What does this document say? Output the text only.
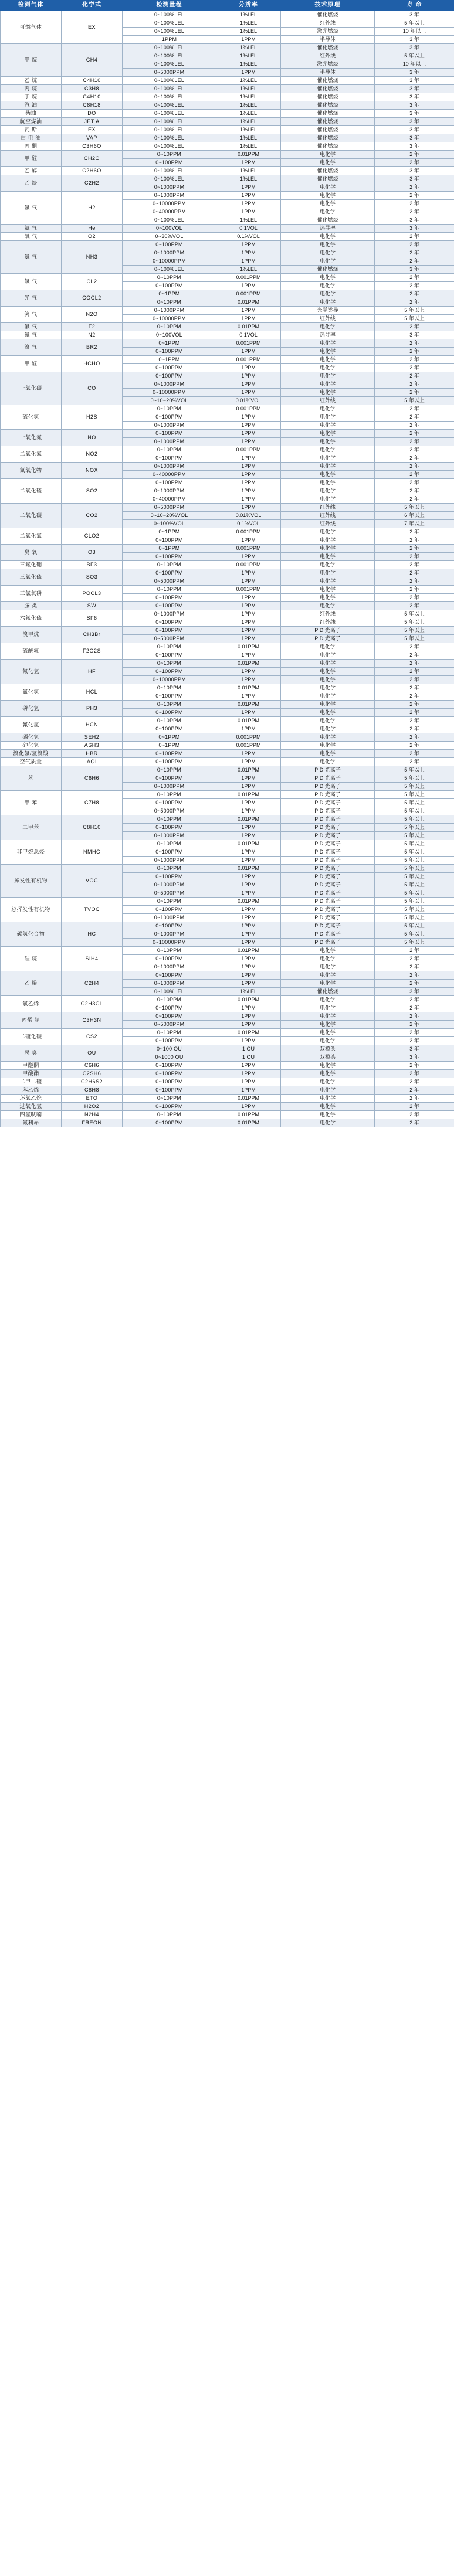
检测气体	化学式	检测量程	分辨率	技术原理	寿 命
可燃气体	EX	0~100%LEL	1%LEL	催化燃烧	3 年
		0~100%LEL	1%LEL	红外线	5 年以上
		0~100%LEL	1%LEL	激光燃烧	10 年以上
		1PPM	1PPM	半导体	3 年
甲 烷	CH4	0~100%LEL	1%LEL	催化燃烧	3 年
		0~100%LEL	1%LEL	红外线	5 年以上
		0~100%LEL	1%LEL	激光燃烧	10 年以上
		0~5000PPM	1PPM	半导体	3 年
乙 烷	C4H10	0~100%LEL	1%LEL	催化燃烧	3 年
丙 烷	C3H8	0~100%LEL	1%LEL	催化燃烧	3 年
丁 烷	C4H10	0~100%LEL	1%LEL	催化燃烧	3 年
汽 油	C8H18	0~100%LEL	1%LEL	催化燃烧	3 年
柴油	DO	0~100%LEL	1%LEL	催化燃烧	3 年
航空煤油	JET A	0~100%LEL	1%LEL	催化燃烧	3 年
瓦 斯	EX	0~100%LEL	1%LEL	催化燃烧	3 年
白 电 油	VAP	0~100%LEL	1%LEL	催化燃烧	3 年
丙 酮	C3H6O	0~100%LEL	1%LEL	催化燃烧	3 年
甲 醛	CH2O	0~10PPM	0.01PPM	电化学	2 年
		0~100PPM	1PPM	电化学	2 年
乙 醇	C2H6O	0~100%LEL	1%LEL	催化燃烧	3 年
乙 炔	C2H2	0~100%LEL	1%LEL	催化燃烧	3 年
		0~1000PPM	1PPM	电化学	2 年
氢 气	H2	0~1000PPM	1PPM	电化学	2 年
		0~10000PPM	1PPM	电化学	2 年
		0~40000PPM	1PPM	电化学	2 年
		0~100%LEL	1%LEL	催化燃烧	3 年
氦 气	He	0~100VOL	0.1VOL	热导率	3 年
氧 气	O2	0~30%VOL	0.1%VOL	电化学	2 年
氨 气	NH3	0~100PPM	1PPM	电化学	2 年
		0~1000PPM	1PPM	电化学	2 年
		0~10000PPM	1PPM	电化学	2 年
		0~100%LEL	1%LEL	催化燃烧	3 年
氯 气	CL2	0~10PPM	0.001PPM	电化学	2 年
		0~100PPM	1PPM	电化学	2 年
光 气	COCL2	0~1PPM	0.001PPM	电化学	2 年
		0~10PPM	0.01PPM	电化学	2 年
笑 气	N2O	0~1000PPM	1PPM	光学类导	5 年以上
		0~10000PPM	1PPM	红外线	5 年以上
氟 气	F2	0~10PPM	0.01PPM	电化学	2 年
氮 气	N2	0~100VOL	0.1VOL	热导率	3 年
溴 气	BR2	0~1PPM	0.001PPM	电化学	2 年
		0~100PPM	1PPM	电化学	2 年
甲 醛	HCHO	0~1PPM	0.001PPM	电化学	2 年
		0~100PPM	1PPM	电化学	2 年
一氧化碳	CO	0~100PPM	1PPM	电化学	2 年
		0~1000PPM	1PPM	电化学	2 年
		0~10000PPM	1PPM	电化学	2 年
		0~10~20%VOL	0.01%VOL	红外线	5 年以上
硫化氢	H2S	0~10PPM	0.001PPM	电化学	2 年
		0~100PPM	1PPM	电化学	2 年
		0~1000PPM	1PPM	电化学	2 年
一氧化氮	NO	0~100PPM	1PPM	电化学	2 年
		0~1000PPM	1PPM	电化学	2 年
二氧化氮	NO2	0~10PPM	0.001PPM	电化学	2 年
		0~100PPM	1PPM	电化学	2 年
氮氧化物	NOX	0~1000PPM	1PPM	电化学	2 年
		0~40000PPM	1PPM	电化学	2 年
二氧化硫	SO2	0~100PPM	1PPM	电化学	2 年
		0~1000PPM	1PPM	电化学	2 年
		0~40000PPM	1PPM	电化学	2 年
二氧化碳	CO2	0~5000PPM	1PPM	红外线	5 年以上
		0~10~20%VOL	0.01%VOL	红外线	6 年以上
		0~100%VOL	0.1%VOL	红外线	7 年以上
二氧化氯	CLO2	0~1PPM	0.001PPM	电化学	2 年
		0~100PPM	1PPM	电化学	2 年
臭 氧	O3	0~1PPM	0.001PPM	电化学	2 年
		0~100PPM	1PPM	电化学	2 年
三氟化硼	BF3	0~10PPM	0.001PPM	电化学	2 年
三氧化硫	SO3	0~100PPM	1PPM	电化学	2 年
		0~5000PPM	1PPM	电化学	2 年
三氯氧磷	POCL3	0~10PPM	0.001PPM	电化学	2 年
		0~100PPM	1PPM	电化学	2 年
胺 类	SW	0~100PPM	1PPM	电化学	2 年
六氟化硫	SF6	0~1000PPM	1PPM	红外线	5 年以上
		0~100PPM	1PPM	红外线	5 年以上
溴甲烷	CH3Br	0~100PPM	1PPM	PID 光离子	5 年以上
		0~5000PPM	1PPM	PID 光离子	5 年以上
硫酰氟	F2O2S	0~10PPM	0.01PPM	电化学	2 年
		0~100PPM	1PPM	电化学	2 年
氟化氢	HF	0~10PPM	0.01PPM	电化学	2 年
		0~100PPM	1PPM	电化学	2 年
		0~10000PPM	1PPM	电化学	2 年
氯化氢	HCL	0~10PPM	0.01PPM	电化学	2 年
		0~100PPM	1PPM	电化学	2 年
磷化氢	PH3	0~10PPM	0.01PPM	电化学	2 年
		0~100PPM	1PPM	电化学	2 年
氰化氢	HCN	0~10PPM	0.01PPM	电化学	2 年
		0~100PPM	1PPM	电化学	2 年
硒化氢	SEH2	0~1PPM	0.001PPM	电化学	2 年
砷化氢	ASH3	0~1PPM	0.001PPM	电化学	2 年
溴化氢/氢溴酸	HBR	0~100PPM	1PPM	电化学	2 年
空气质量	AQI	0~100PPM	1PPM	电化学	2 年
苯	C6H6	0~10PPM	0.01PPM	PID 光离子	5 年以上
		0~100PPM	1PPM	PID 光离子	5 年以上
		0~1000PPM	1PPM	PID 光离子	5 年以上
甲 苯	C7H8	0~10PPM	0.01PPM	PID 光离子	5 年以上
		0~100PPM	1PPM	PID 光离子	5 年以上
		0~5000PPM	1PPM	PID 光离子	5 年以上
二甲苯	C8H10	0~10PPM	0.01PPM	PID 光离子	5 年以上
		0~100PPM	1PPM	PID 光离子	5 年以上
		0~1000PPM	1PPM	PID 光离子	5 年以上
非甲烷总烃	NMHC	0~10PPM	0.01PPM	PID 光离子	5 年以上
		0~100PPM	1PPM	PID 光离子	5 年以上
		0~1000PPM	1PPM	PID 光离子	5 年以上
挥发性有机物	VOC	0~10PPM	0.01PPM	PID 光离子	5 年以上
		0~100PPM	1PPM	PID 光离子	5 年以上
		0~1000PPM	1PPM	PID 光离子	5 年以上
		0~5000PPM	1PPM	PID 光离子	5 年以上
总挥发性有机物	TVOC	0~10PPM	0.01PPM	PID 光离子	5 年以上
		0~100PPM	1PPM	PID 光离子	5 年以上
		0~1000PPM	1PPM	PID 光离子	5 年以上
碳氢化合物	HC	0~100PPM	1PPM	PID 光离子	5 年以上
		0~1000PPM	1PPM	PID 光离子	5 年以上
		0~10000PPM	1PPM	PID 光离子	5 年以上
硅 烷	SIH4	0~10PPM	0.01PPM	电化学	2 年
		0~100PPM	1PPM	电化学	2 年
		0~1000PPM	1PPM	电化学	2 年
乙 烯	C2H4	0~100PPM	1PPM	电化学	2 年
		0~1000PPM	1PPM	电化学	2 年
		0~100%LEL	1%LEL	催化燃烧	3 年
氯乙烯	C2H3CL	0~10PPM	0.01PPM	电化学	2 年
		0~100PPM	1PPM	电化学	2 年
丙烯 腈	C3H3N	0~100PPM	1PPM	电化学	2 年
		0~5000PPM	1PPM	电化学	2 年
二硫化碳	CS2	0~10PPM	0.01PPM	电化学	2 年
		0~100PPM	1PPM	电化学	2 年
恶 臭	OU	0~100 OU	1 OU	双模头	3 年
		0~1000 OU	1 OU	双模头	3 年
甲醚酮	C6H6	0~100PPM	1PPM	电化学	2 年
甲酸酯	C2SH6	0~100PPM	1PPM	电化学	2 年
二甲二硫	C2H6S2	0~100PPM	1PPM	电化学	2 年
苯乙烯	C8H8	0~100PPM	1PPM	电化学	2 年
环氧乙烷	ETO	0~10PPM	0.01PPM	电化学	2 年
过氧化氢	H2O2	0~100PPM	1PPM	电化学	2 年
四氢呋喃	N2H4	0~10PPM	0.01PPM	电化学	2 年
氟利昂	FREON	0~100PPM	0.01PPM	电化学	2 年
